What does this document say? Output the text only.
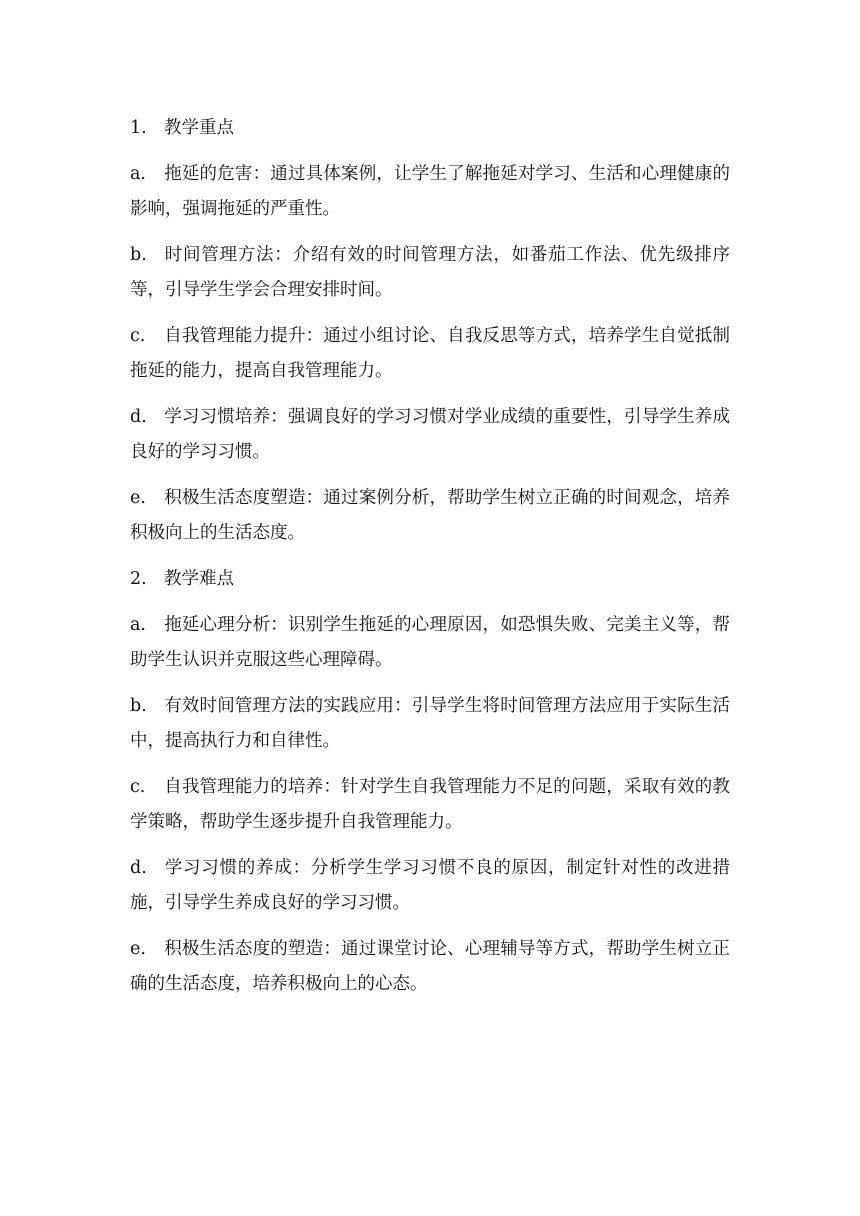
1. 教学重点

a. 拖延的危害：通过具体案例，让学生了解拖延对学习、生活和心理健康的影响，强调拖延的严重性。

b. 时间管理方法：介绍有效的时间管理方法，如番茄工作法、优先级排序等，引导学生学会合理安排时间。

c. 自我管理能力提升：通过小组讨论、自我反思等方式，培养学生自觉抵制拖延的能力，提高自我管理能力。

d. 学习习惯培养：强调良好的学习习惯对学业成绩的重要性，引导学生养成良好的学习习惯。

e. 积极生活态度塑造：通过案例分析，帮助学生树立正确的时间观念，培养积极向上的生活态度。

2. 教学难点

a. 拖延心理分析：识别学生拖延的心理原因，如恐惧失败、完美主义等，帮助学生认识并克服这些心理障碍。

b. 有效时间管理方法的实践应用：引导学生将时间管理方法应用于实际生活中，提高执行力和自律性。

c. 自我管理能力的培养：针对学生自我管理能力不足的问题，采取有效的教学策略，帮助学生逐步提升自我管理能力。

d. 学习习惯的养成：分析学生学习习惯不良的原因，制定针对性的改进措施，引导学生养成良好的学习习惯。

e. 积极生活态度的塑造：通过课堂讨论、心理辅导等方式，帮助学生树立正确的生活态度，培养积极向上的心态。
